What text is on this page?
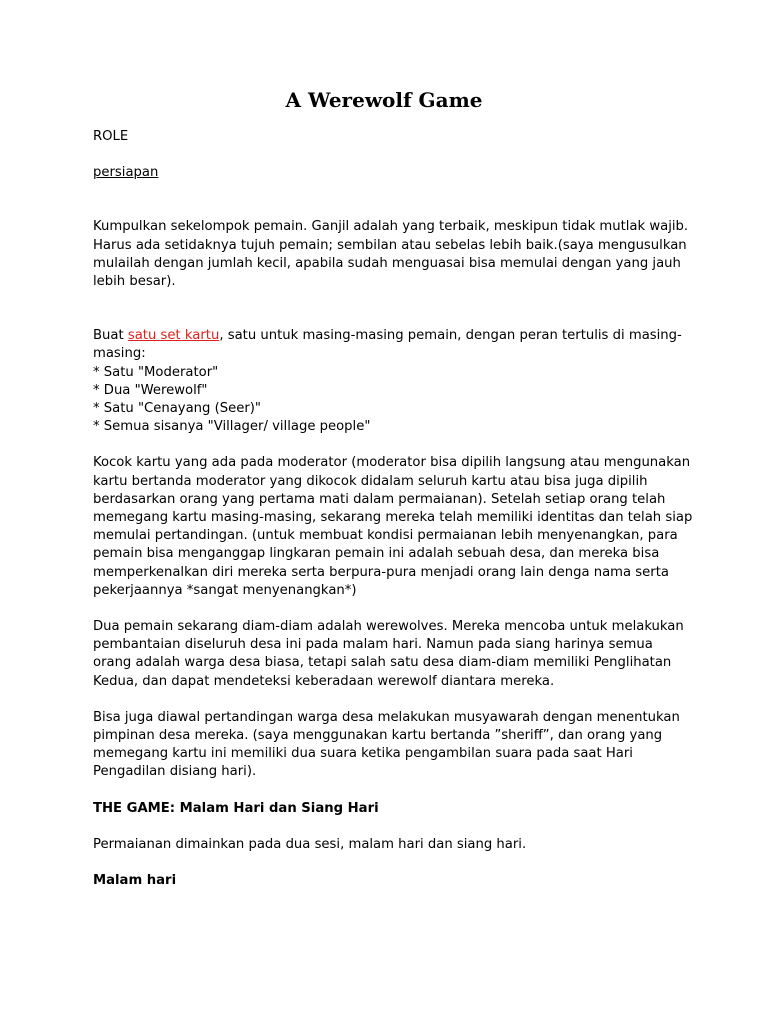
A Werewolf Game

ROLE

persiapan

Kumpulkan sekelompok pemain. Ganjil adalah yang terbaik, meskipun tidak mutlak wajib. Harus ada setidaknya tujuh pemain; sembilan atau sebelas lebih baik.(saya mengusulkan mulailah dengan jumlah kecil, apabila sudah menguasai bisa memulai dengan yang jauh lebih besar).

Buat satu set kartu, satu untuk masing-masing pemain, dengan peran tertulis di masing-masing:
* Satu "Moderator"
* Dua "Werewolf"
* Satu "Cenayang (Seer)"
* Semua sisanya "Villager/ village people"

Kocok kartu yang ada pada moderator (moderator bisa dipilih langsung atau mengunakan kartu bertanda moderator yang dikocok didalam seluruh kartu atau bisa juga dipilih berdasarkan orang yang pertama mati dalam permaianan). Setelah setiap orang telah memegang kartu masing-masing, sekarang mereka telah memiliki identitas dan telah siap memulai pertandingan. (untuk membuat kondisi permaianan lebih menyenangkan, para pemain bisa menganggap lingkaran pemain ini adalah sebuah desa, dan mereka bisa memperkenalkan diri mereka serta berpura-pura menjadi orang lain denga nama serta pekerjaannya *sangat menyenangkan*)

Dua pemain sekarang diam-diam adalah werewolves. Mereka mencoba untuk melakukan pembantaian diseluruh desa ini pada malam hari. Namun pada siang harinya semua orang adalah warga desa biasa, tetapi salah satu desa diam-diam memiliki Penglihatan Kedua, dan dapat mendeteksi keberadaan werewolf diantara mereka.

Bisa juga diawal pertandingan warga desa melakukan musyawarah dengan menentukan pimpinan desa mereka. (saya menggunakan kartu bertanda ”sheriff”, dan orang yang memegang kartu ini memiliki dua suara ketika pengambilan suara pada saat Hari Pengadilan disiang hari).

THE GAME: Malam Hari dan Siang Hari

Permaianan dimainkan pada dua sesi, malam hari dan siang hari.

Malam hari
